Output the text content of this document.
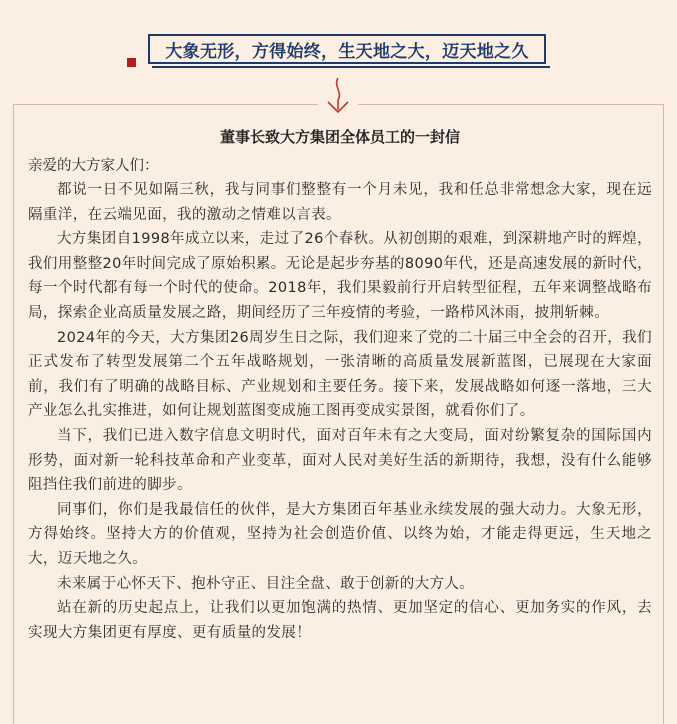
大象无形，方得始终，生天地之大，迈天地之久
董事长致大方集团全体员工的一封信

亲爱的大方家人们：

都说一日不见如隔三秋，我与同事们整整有一个月未见，我和任总非常想念大家，现在远隔重洋，在云端见面，我的激动之情难以言表。

大方集团自1998年成立以来，走过了26个春秋。从初创期的艰难，到深耕地产时的辉煌，我们用整整20年时间完成了原始积累。无论是起步夯基的8090年代，还是高速发展的新时代，每一个时代都有每一个时代的使命。2018年，我们果毅前行开启转型征程，五年来调整战略布局，探索企业高质量发展之路，期间经历了三年疫情的考验，一路栉风沐雨，披荆斩棘。

2024年的今天，大方集团26周岁生日之际，我们迎来了党的二十届三中全会的召开，我们正式发布了转型发展第二个五年战略规划，一张清晰的高质量发展新蓝图，已展现在大家面前，我们有了明确的战略目标、产业规划和主要任务。接下来，发展战略如何逐一落地，三大产业怎么扎实推进，如何让规划蓝图变成施工图再变成实景图，就看你们了。

当下，我们已进入数字信息文明时代，面对百年未有之大变局，面对纷繁复杂的国际国内形势，面对新一轮科技革命和产业变革，面对人民对美好生活的新期待，我想，没有什么能够阻挡住我们前进的脚步。

同事们，你们是我最信任的伙伴，是大方集团百年基业永续发展的强大动力。大象无形，方得始终。坚持大方的价值观，坚持为社会创造价值、以终为始，才能走得更远，生天地之大，迈天地之久。

未来属于心怀天下、抱朴守正、目注全盘、敢于创新的大方人。

站在新的历史起点上，让我们以更加饱满的热情、更加坚定的信心、更加务实的作风，去实现大方集团更有厚度、更有质量的发展！
